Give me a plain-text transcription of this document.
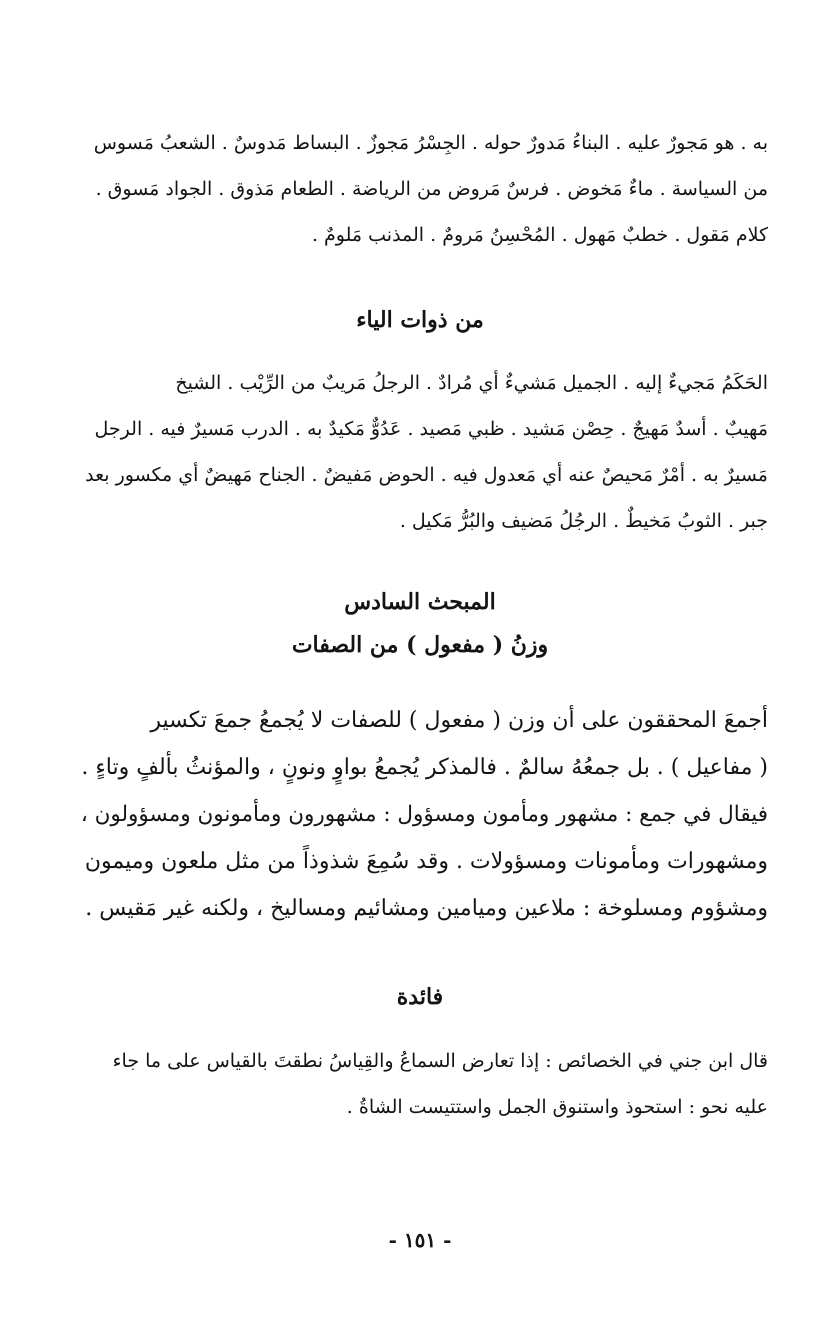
به . هو مَجورٌ عليه . البناءُ مَدورٌ حوله . الجِسْرُ مَجوزٌ . البساط مَدوسٌ . الشعبُ مَسوس
من السياسة . ماءٌ مَخوض . فرسٌ مَروض من الرياضة . الطعام مَذوق . الجواد مَسوق .
كلام مَقول . خطبٌ مَهول . المُحْسِنُ مَرومٌ . المذنب مَلومٌ .

من ذوات الياء

الحَكَمُ مَجيءٌ إليه . الجميل مَشيءٌ أي مُرادٌ . الرجلُ مَريبٌ من الرِّيْب . الشيخ
مَهيبٌ . أسدٌ مَهيجٌ . حِصْن مَشيد . ظبي مَصيد . عَدُوٌّ مَكيدٌ به . الدرب مَسيرٌ فيه . الرجل
مَسيرٌ به . أمْرٌ مَحيصٌ عنه أي مَعدول فيه . الحوض مَفيضٌ . الجناح مَهيضٌ أي مكسور بعد
جبر . الثوبُ مَخيطٌ . الرجُلُ مَضيف والبُرُّ مَكيل .

المبحث السادس
وزنُ ( مفعول ) من الصفات

أجمعَ المحققون على أن وزن ( مفعول ) للصفات لا يُجمعُ جمعَ تكسير
( مفاعيل ) . بل جمعُهُ سالمٌ . فالمذكر يُجمعُ بواوٍ ونونٍ ، والمؤنثُ بألفٍ وتاءٍ .
فيقال في جمع : مشهور ومأمون ومسؤول : مشهورون ومأمونون ومسؤولون ،
ومشهورات ومأمونات ومسؤولات . وقد سُمِعَ شذوذاً من مثل ملعون وميمون
ومشؤوم ومسلوخة : ملاعين وميامين ومشائيم ومساليخ ، ولكنه غير مَقيس .

فائدة

قال ابن جني في الخصائص : إذا تعارض السماعُ والقِياسُ نطقتَ بالقياس على ما جاء
عليه نحو : استحوذ واستنوق الجمل واستتيست الشاةُ .

- ١٥١ -
